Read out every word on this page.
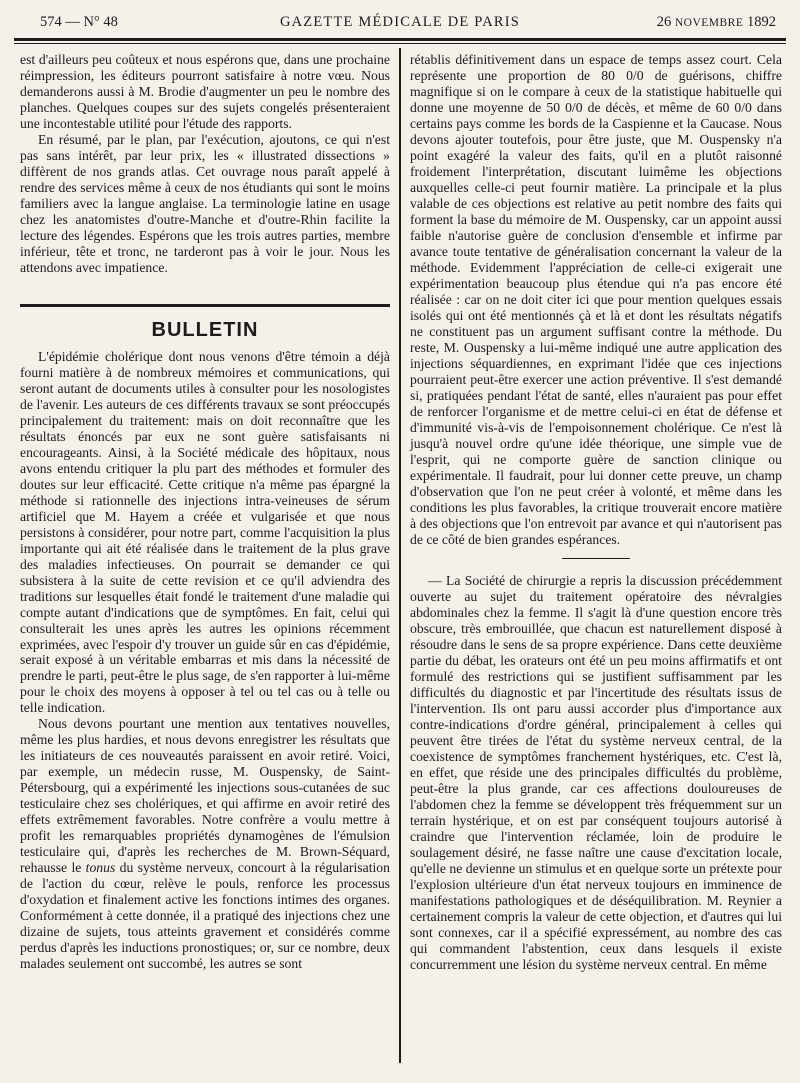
574 — N° 48	GAZETTE MÉDICALE DE PARIS	26 NOVEMBRE 1892

est d'ailleurs peu coûteux et nous espérons que, dans une prochaine réimpression, les éditeurs pourront satisfaire à notre vœu. Nous demanderons aussi à M. Brodie d'augmenter un peu le nombre des planches. Quelques coupes sur des sujets congelés présenteraient une incontestable utilité pour l'étude des rapports.

En résumé, par le plan, par l'exécution, ajoutons, ce qui n'est pas sans intérêt, par leur prix, les « illustrated dissections » diffèrent de nos grands atlas. Cet ouvrage nous paraît appelé à rendre des services même à ceux de nos étudiants qui sont le moins familiers avec la langue anglaise. La terminologie latine en usage chez les anatomistes d'outre-Manche et d'outre-Rhin facilite la lecture des légendes. Espérons que les trois autres parties, membre inférieur, tête et tronc, ne tarderont pas à voir le jour. Nous les attendons avec impatience.

BULLETIN

L'épidémie cholérique dont nous venons d'être témoin a déjà fourni matière à de nombreux mémoires et communications, qui seront autant de documents utiles à consulter pour les nosologistes de l'avenir. Les auteurs de ces différents travaux se sont préoccupés principalement du traitement: mais on doit reconnaître que les résultats énoncés par eux ne sont guère satisfaisants ni encourageants. Ainsi, à la Société médicale des hôpitaux, nous avons entendu critiquer la plu part des méthodes et formuler des doutes sur leur efficacité. Cette critique n'a même pas épargné la méthode si rationnelle des injections intra-veineuses de sérum artificiel que M. Hayem a créée et vulgarisée et que nous persistons à considérer, pour notre part, comme l'acquisition la plus importante qui ait été réalisée dans le traitement de la plus grave des maladies infectieuses. On pourrait se demander ce qui subsistera à la suite de cette revision et ce qu'il adviendra des traditions sur lesquelles était fondé le traitement d'une maladie qui compte autant d'indications que de symptômes. En fait, celui qui consulterait les unes après les autres les opinions récemment exprimées, avec l'espoir d'y trouver un guide sûr en cas d'épidémie, serait exposé à un véritable embarras et mis dans la nécessité de prendre le parti, peut-être le plus sage, de s'en rapporter à lui-même pour le choix des moyens à opposer à tel ou tel cas ou à telle ou telle indication.

Nous devons pourtant une mention aux tentatives nouvelles, même les plus hardies, et nous devons enregistrer les résultats que les initiateurs de ces nouveautés paraissent en avoir retiré. Voici, par exemple, un médecin russe, M. Ouspensky, de Saint-Pétersbourg, qui a expérimenté les injections sous-cutanées de suc testiculaire chez ses cholériques, et qui affirme en avoir retiré des effets extrêmement favorables. Notre confrère a voulu mettre à profit les remarquables propriétés dynamogènes de l'émulsion testiculaire qui, d'après les recherches de M. Brown-Séquard, rehausse le tonus du système nerveux, concourt à la régularisation de l'action du cœur, relève le pouls, renforce les processus d'oxydation et finalement active les fonctions intimes des organes. Conformément à cette donnée, il a pratiqué des injections chez une dizaine de sujets, tous atteints gravement et considérés comme perdus d'après les inductions pronostiques; or, sur ce nombre, deux malades seulement ont succombé, les autres se sont

rétablis définitivement dans un espace de temps assez court. Cela représente une proportion de 80 0/0 de guérisons, chiffre magnifique si on le compare à ceux de la statistique habituelle qui donne une moyenne de 50 0/0 de décès, et même de 60 0/0 dans certains pays comme les bords de la Caspienne et la Caucase. Nous devons ajouter toutefois, pour être juste, que M. Ouspensky n'a point exagéré la valeur des faits, qu'il en a plutôt raisonné froidement l'interprétation, discutant luimême les objections auxquelles celle-ci peut fournir matière. La principale et la plus valable de ces objections est relative au petit nombre des faits qui forment la base du mémoire de M. Ouspensky, car un appoint aussi faible n'autorise guère de conclusion d'ensemble et infirme par avance toute tentative de généralisation concernant la valeur de la méthode. Evidemment l'appréciation de celle-ci exigerait une expérimentation beaucoup plus étendue qui n'a pas encore été réalisée : car on ne doit citer ici que pour mention quelques essais isolés qui ont été mentionnés çà et là et dont les résultats négatifs ne constituent pas un argument suffisant contre la méthode. Du reste, M. Ouspensky a lui-même indiqué une autre application des injections séquardiennes, en exprimant l'idée que ces injections pourraient peut-être exercer une action préventive. Il s'est demandé si, pratiquées pendant l'état de santé, elles n'auraient pas pour effet de renforcer l'organisme et de mettre celui-ci en état de défense et d'immunité vis-à-vis de l'empoisonnement cholérique. Ce n'est là jusqu'à nouvel ordre qu'une idée théorique, une simple vue de l'esprit, qui ne comporte guère de sanction clinique ou expérimentale. Il faudrait, pour lui donner cette preuve, un champ d'observation que l'on ne peut créer à volonté, et même dans les conditions les plus favorables, la critique trouverait encore matière à des objections que l'on entrevoit par avance et qui n'autorisent pas de ce côté de bien grandes espérances.

— La Société de chirurgie a repris la discussion précédemment ouverte au sujet du traitement opératoire des névralgies abdominales chez la femme. Il s'agit là d'une question encore très obscure, très embrouillée, que chacun est naturellement disposé à résoudre dans le sens de sa propre expérience. Dans cette deuxième partie du débat, les orateurs ont été un peu moins affirmatifs et ont formulé des restrictions qui se justifient suffisamment par les difficultés du diagnostic et par l'incertitude des résultats issus de l'intervention. Ils ont paru aussi accorder plus d'importance aux contre-indications d'ordre général, principalement à celles qui peuvent être tirées de l'état du système nerveux central, de la coexistence de symptômes franchement hystériques, etc. C'est là, en effet, que réside une des principales difficultés du problème, peut-être la plus grande, car ces affections douloureuses de l'abdomen chez la femme se développent très fréquemment sur un terrain hystérique, et on est par conséquent toujours autorisé à craindre que l'intervention réclamée, loin de produire le soulagement désiré, ne fasse naître une cause d'excitation locale, qu'elle ne devienne un stimulus et en quelque sorte un prétexte pour l'explosion ultérieure d'un état nerveux toujours en imminence de manifestations pathologiques et de déséquilibration. M. Reynier a certainement compris la valeur de cette objection, et d'autres qui lui sont connexes, car il a spécifié expressément, au nombre des cas qui commandent l'abstention, ceux dans lesquels il existe concurremment une lésion du système nerveux central. En même
